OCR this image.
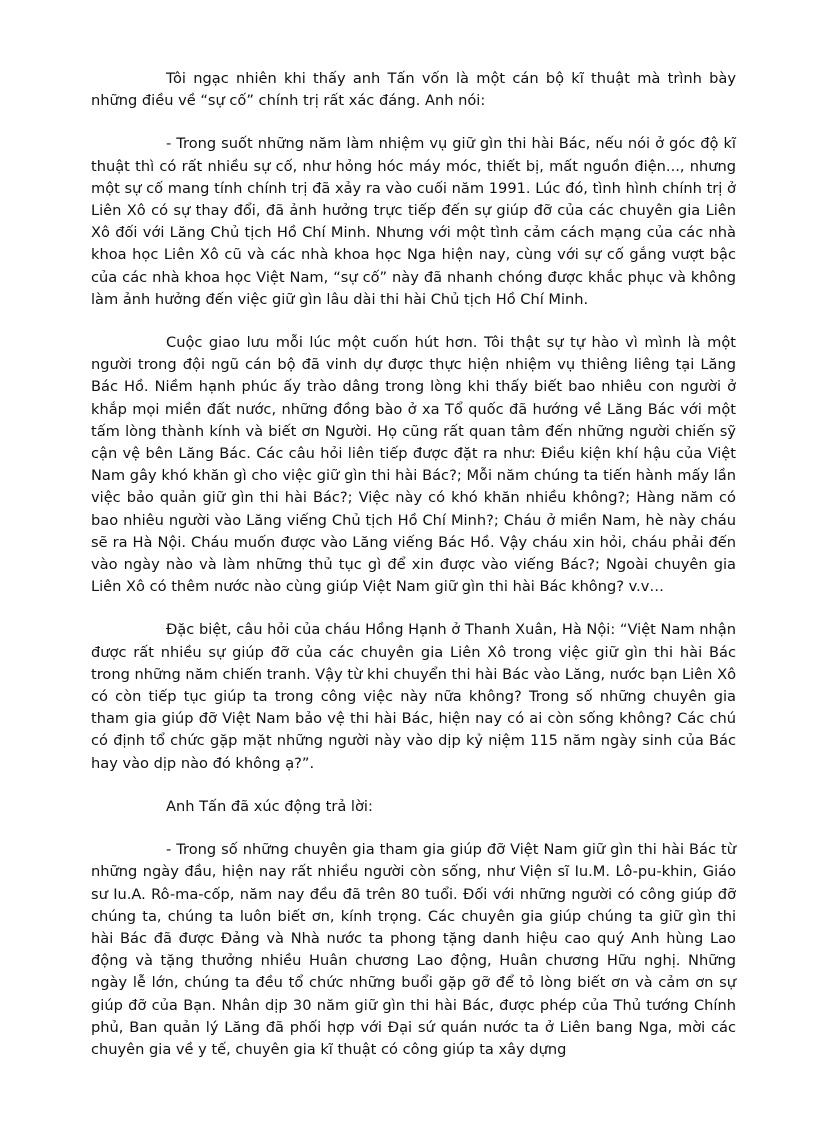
Tôi ngạc nhiên khi thấy anh Tấn vốn là một cán bộ kĩ thuật mà trình bày những điều về “sự cố” chính trị rất xác đáng. Anh nói:

- Trong suốt những năm làm nhiệm vụ giữ gìn thi hài Bác, nếu nói ở góc độ kĩ thuật thì có rất nhiều sự cố, như hỏng hóc máy móc, thiết bị, mất nguồn điện..., nhưng một sự cố mang tính chính trị đã xảy ra vào cuối năm 1991. Lúc đó, tình hình chính trị ở Liên Xô có sự thay đổi, đã ảnh hưởng trực tiếp đến sự giúp đỡ của các chuyên gia Liên Xô đối với Lăng Chủ tịch Hồ Chí Minh. Nhưng với một tình cảm cách mạng của các nhà khoa học Liên Xô cũ và các nhà khoa học Nga hiện nay, cùng với sự cố gắng vượt bậc của các nhà khoa học Việt Nam, “sự cố” này đã nhanh chóng được khắc phục và không làm ảnh hưởng đến việc giữ gìn lâu dài thi hài Chủ tịch Hồ Chí Minh.

Cuộc giao lưu mỗi lúc một cuốn hút hơn. Tôi thật sự tự hào vì mình là một người trong đội ngũ cán bộ đã vinh dự được thực hiện nhiệm vụ thiêng liêng tại Lăng Bác Hồ. Niềm hạnh phúc ấy trào dâng trong lòng khi thấy biết bao nhiêu con người ở khắp mọi miền đất nước, những đồng bào ở xa Tổ quốc đã hướng về Lăng Bác với một tấm lòng thành kính và biết ơn Người. Họ cũng rất quan tâm đến những người chiến sỹ cận vệ bên Lăng Bác. Các câu hỏi liên tiếp được đặt ra như: Điều kiện khí hậu của Việt Nam gây khó khăn gì cho việc giữ gìn thi hài Bác?; Mỗi năm chúng ta tiến hành mấy lần việc bảo quản giữ gìn thi hài Bác?; Việc này có khó khăn nhiều không?; Hàng năm có bao nhiêu người vào Lăng viếng Chủ tịch Hồ Chí Minh?; Cháu ở miền Nam, hè này cháu sẽ ra Hà Nội. Cháu muốn được vào Lăng viếng Bác Hồ. Vậy cháu xin hỏi, cháu phải đến vào ngày nào và làm những thủ tục gì để xin được vào viếng Bác?; Ngoài chuyên gia Liên Xô có thêm nước nào cùng giúp Việt Nam giữ gìn thi hài Bác không? v.v…

Đặc biệt, câu hỏi của cháu Hồng Hạnh ở Thanh Xuân, Hà Nội: “Việt Nam nhận được rất nhiều sự giúp đỡ của các chuyên gia Liên Xô trong việc giữ gìn thi hài Bác trong những năm chiến tranh. Vậy từ khi chuyển thi hài Bác vào Lăng, nước bạn Liên Xô có còn tiếp tục giúp ta trong công việc này nữa không? Trong số những chuyên gia tham gia giúp đỡ Việt Nam bảo vệ thi hài Bác, hiện nay có ai còn sống không? Các chú có định tổ chức gặp mặt những người này vào dịp kỷ niệm 115 năm ngày sinh của Bác hay vào dịp nào đó không ạ?”.

Anh Tấn đã xúc động trả lời:

- Trong số những chuyên gia tham gia giúp đỡ Việt Nam giữ gìn thi hài Bác từ những ngày đầu, hiện nay rất nhiều người còn sống, như Viện sĩ Iu.M. Lô-pu-khin, Giáo sư Iu.A. Rô-ma-cốp, năm nay đều đã trên 80 tuổi. Đối với những người có công giúp đỡ chúng ta, chúng ta luôn biết ơn, kính trọng. Các chuyên gia giúp chúng ta giữ gìn thi hài Bác đã được Đảng và Nhà nước ta phong tặng danh hiệu cao quý Anh hùng Lao động và tặng thưởng nhiều Huân chương Lao động, Huân chương Hữu nghị. Những ngày lễ lớn, chúng ta đều tổ chức những buổi gặp gỡ để tỏ lòng biết ơn và cảm ơn sự giúp đỡ của Bạn. Nhân dịp 30 năm giữ gìn thi hài Bác, được phép của Thủ tướng Chính phủ, Ban quản lý Lăng đã phối hợp với Đại sứ quán nước ta ở Liên bang Nga, mời các chuyên gia về y tế, chuyên gia kĩ thuật có công giúp ta xây dựng
